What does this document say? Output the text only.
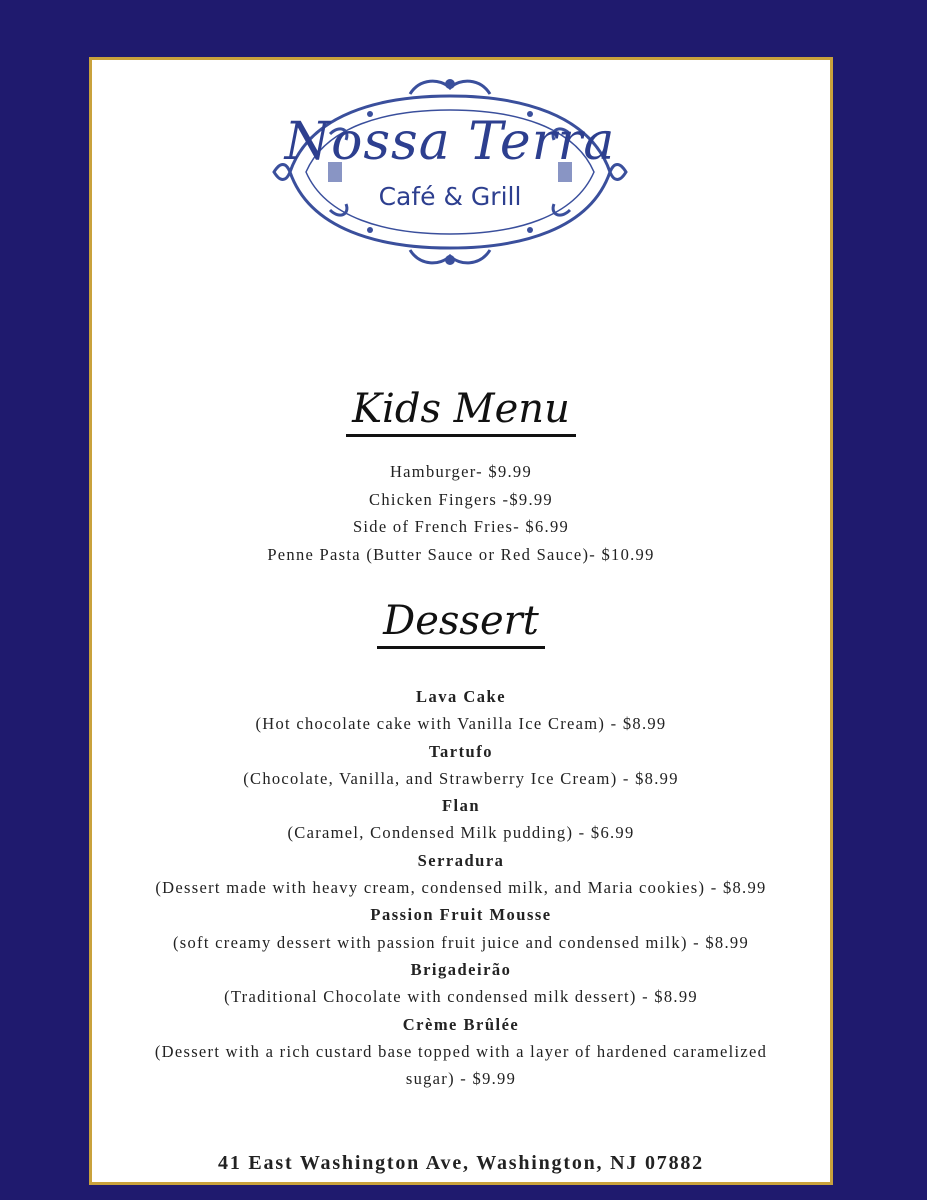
Nossa Terra
Café & Grill
Kids Menu
Hamburger- $9.99
Chicken Fingers -$9.99
Side of French Fries- $6.99
Penne Pasta (Butter Sauce or Red Sauce)- $10.99
Dessert
Lava Cake
(Hot chocolate cake with Vanilla Ice Cream) - $8.99
Tartufo
(Chocolate, Vanilla, and Strawberry Ice Cream) - $8.99
Flan
(Caramel, Condensed Milk pudding) - $6.99
Serradura
(Dessert made with heavy cream, condensed milk, and Maria cookies) - $8.99
Passion Fruit Mousse
(soft creamy dessert with passion fruit juice and condensed milk) - $8.99
Brigadeirão
(Traditional Chocolate with condensed milk dessert) - $8.99
Crème Brûlée
(Dessert with a rich custard base topped with a layer of hardened caramelized
sugar) - $9.99
41 East Washington Ave, Washington, NJ 07882
